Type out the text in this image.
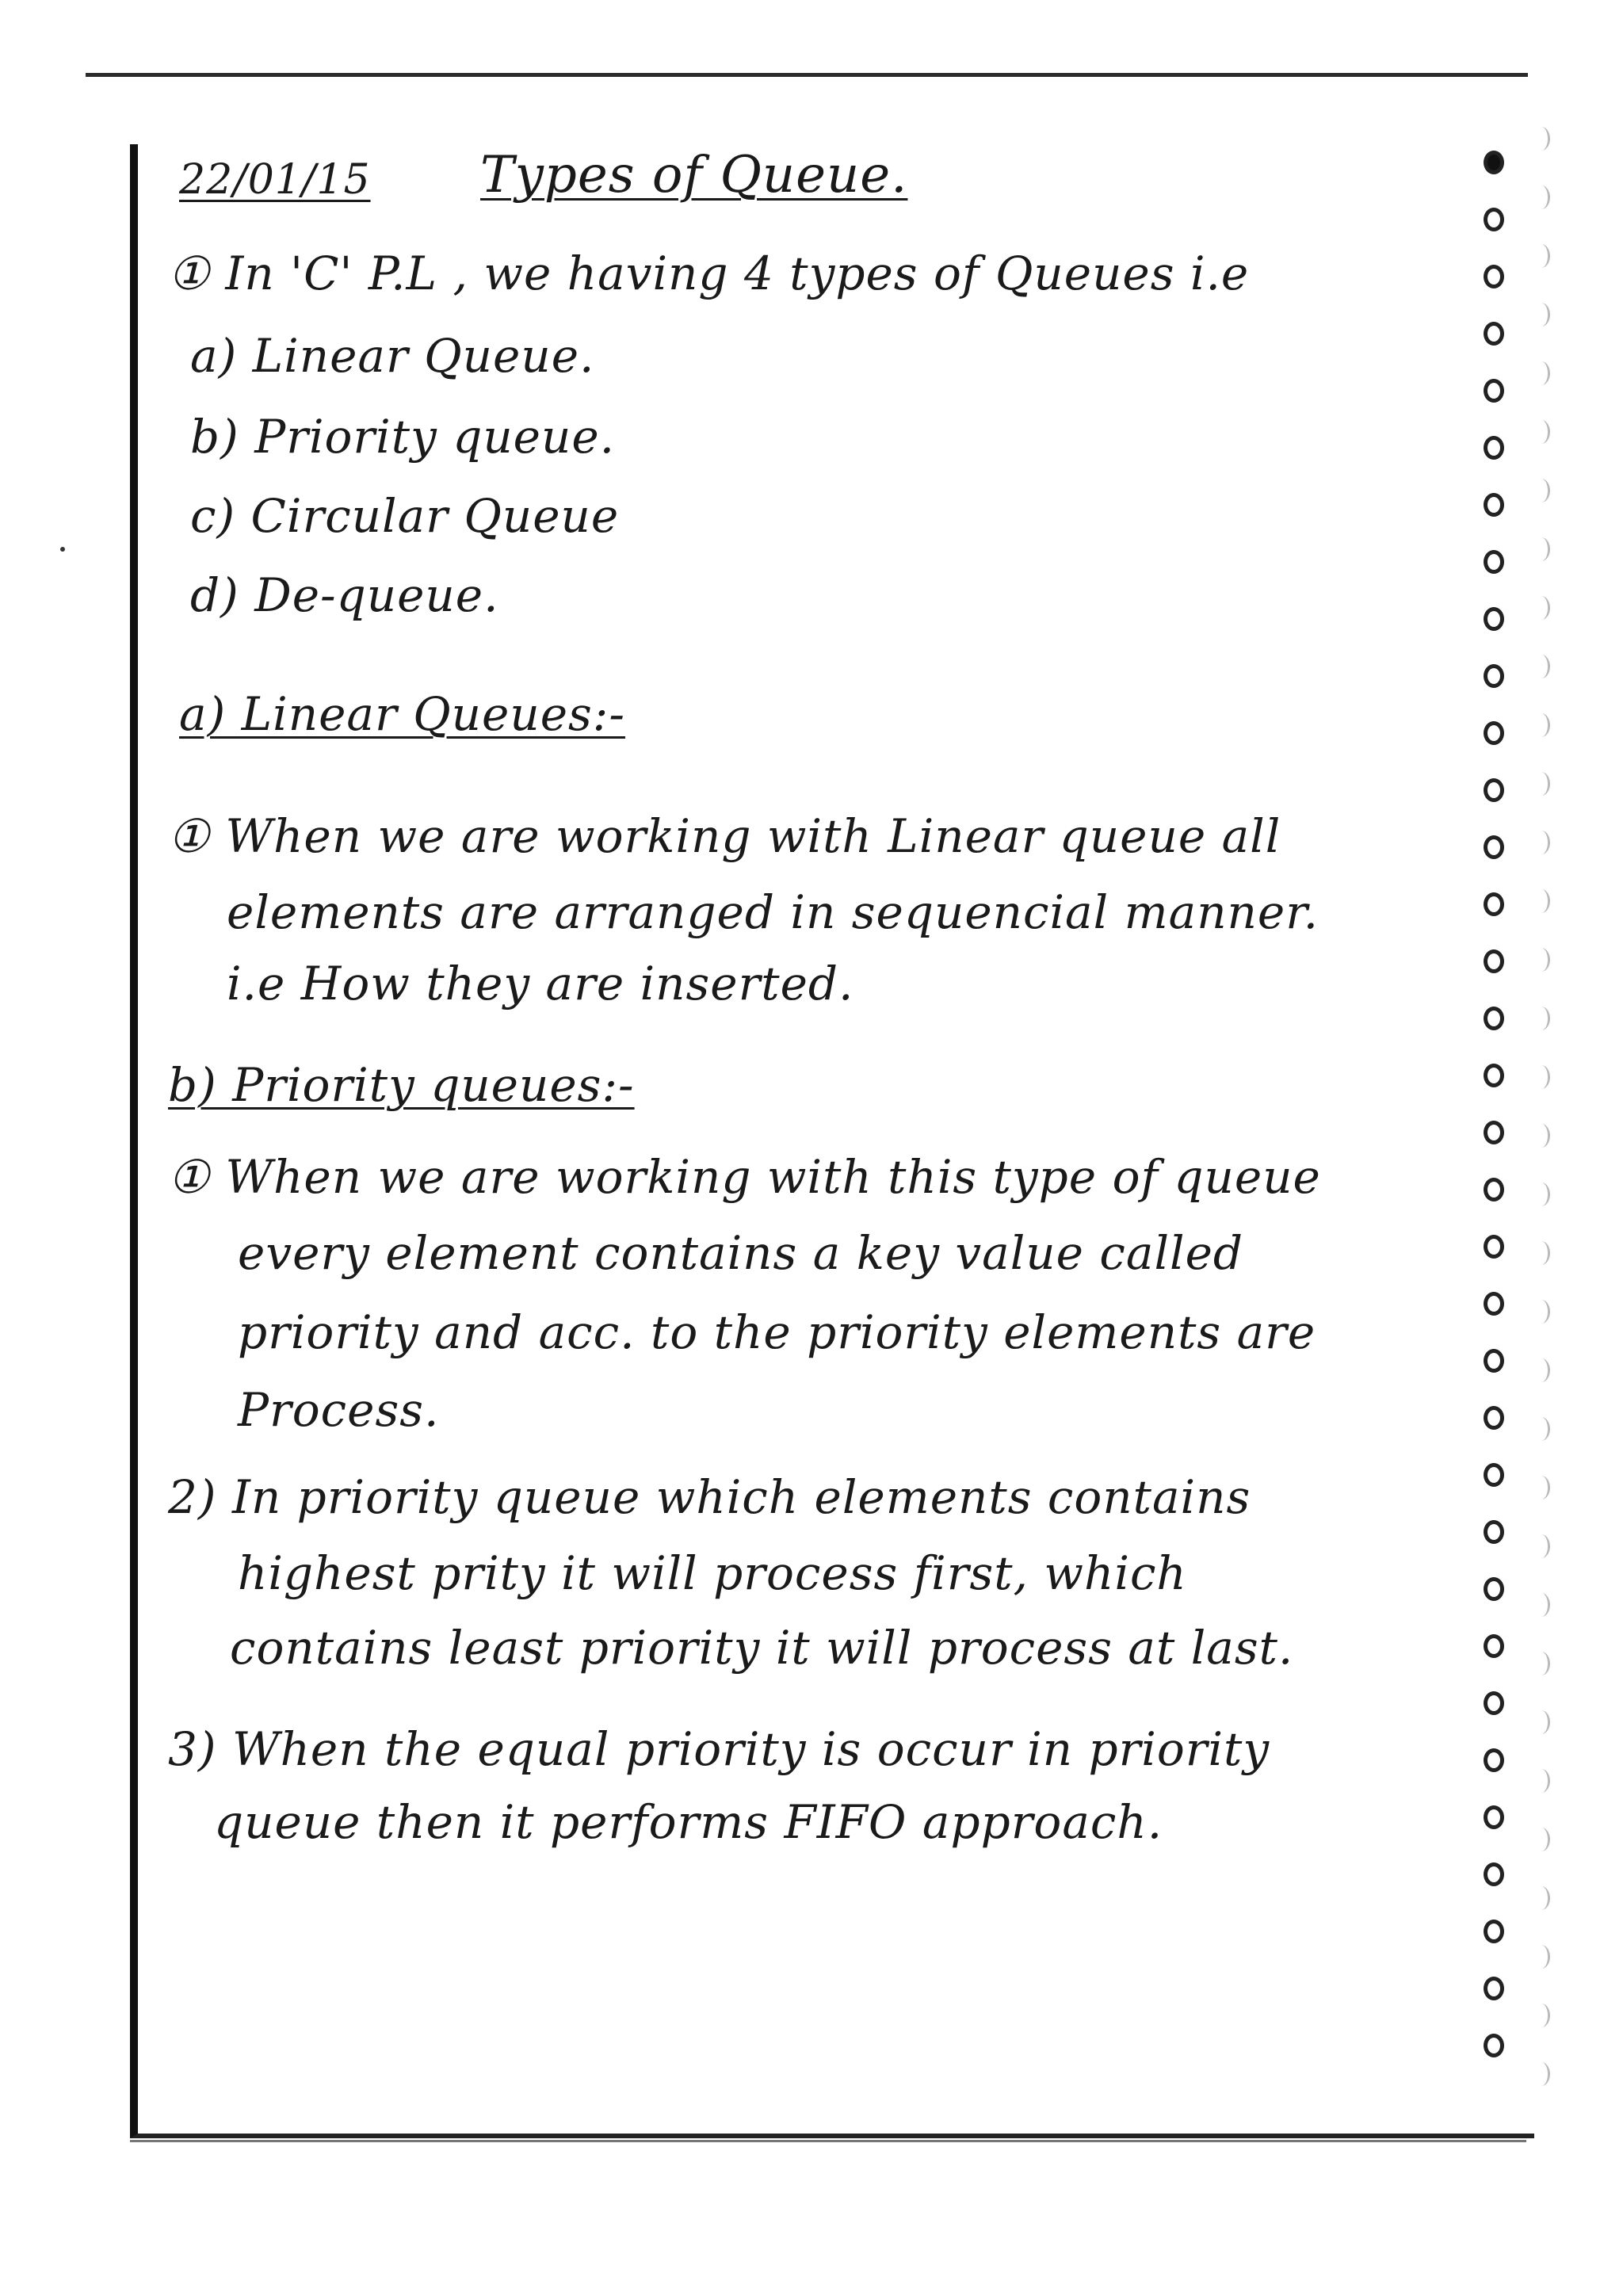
22/01/15 Types of Queue.
① In 'C' P.L , we having 4 types of Queues i.e
a) Linear Queue.
b) Priority queue.
c) Circular Queue
d) De-queue.
a) Linear Queues:-
① When we are working with Linear queue all
elements are arranged in sequencial manner.
i.e How they are inserted.
b) Priority queues:-
① When we are working with this type of queue
every element contains a key value called
priority and acc. to the priority elements are
Process.
2) In priority queue which elements contains
highest prity it will process first, which
contains least priority it will process at last.
3) When the equal priority is occur in priority
queue then it performs FIFO approach.
